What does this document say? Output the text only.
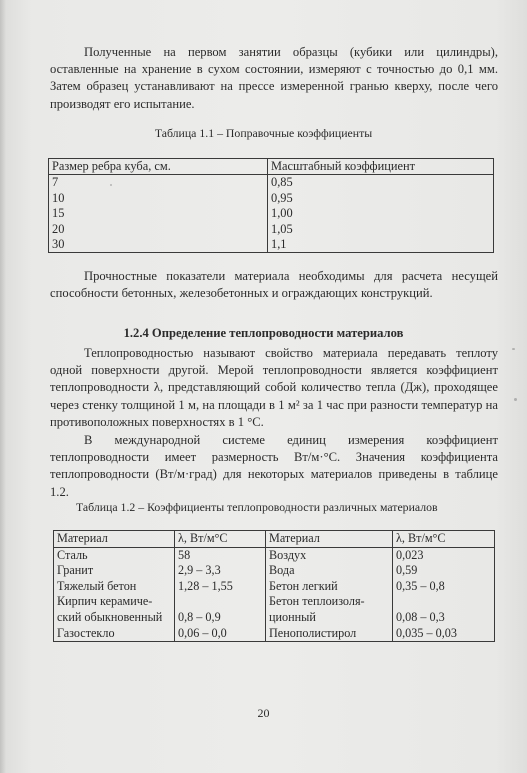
Полученные на первом занятии образцы (кубики или цилиндры), оставленные на хранение в сухом состоянии, измеряют с точностью до 0,1 мм. Затем образец устанавливают на прессе измеренной гранью кверху, после чего производят его испытание.

Таблица 1.1 – Поправочные коэффициенты

Размер ребра куба, см.	Масштабный коэффициент
7	0,85
10	0,95
15	1,00
20	1,05
30	1,1

Прочностные показатели материала необходимы для расчета несущей способности бетонных, железобетонных и ограждающих конструкций.

1.2.4 Определение теплопроводности материалов

Теплопроводностью называют свойство материала передавать теплоту одной поверхности другой. Мерой теплопроводности является коэффициент теплопроводности λ, представляющий собой количество тепла (Дж), проходящее через стенку толщиной 1 м, на площади в 1 м² за 1 час при разности температур на противоположных поверхностях в 1 °С.

В международной системе единиц измерения коэффициент теплопроводности имеет размерность Вт/м·°С. Значения коэффициента теплопроводности (Вт/м·град) для некоторых материалов приведены в таблице 1.2.

Таблица 1.2 – Коэффициенты теплопроводности различных материалов

Материал	λ, Вт/м°С	Материал	λ, Вт/м°С
Сталь	58	Воздух	0,023
Гранит	2,9 – 3,3	Вода	0,59
Тяжелый бетон	1,28 – 1,55	Бетон легкий	0,35 – 0,8
Кирпич керамиче-		Бетон теплоизоля-	
ский обыкновенный	0,8 – 0,9	ционный	0,08 – 0,3
Газостекло	0,06 – 0,0	Пенополистирол	0,035 – 0,03

20
